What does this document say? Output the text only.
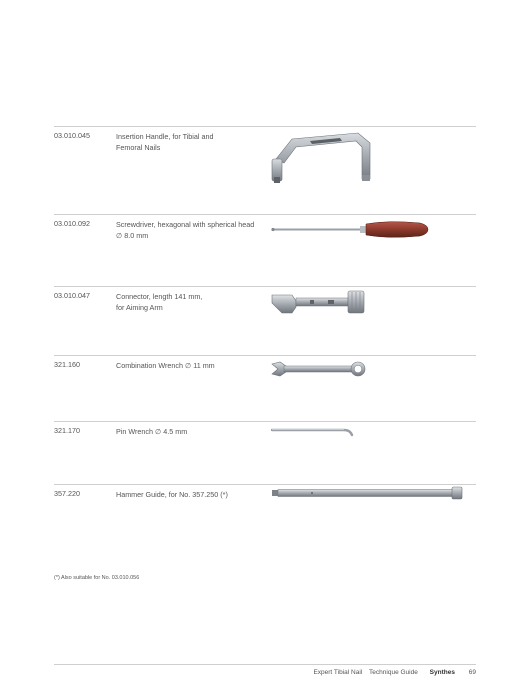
03.010.045	Insertion Handle, for Tibial and
Femoral Nails
03.010.092	Screwdriver, hexagonal with spherical head
∅ 8.0 mm
03.010.047	Connector, length 141 mm,
for Aiming Arm
321.160	Combination Wrench ∅ 11 mm
321.170	Pin Wrench ∅ 4.5 mm
357.220	Hammer Guide, for No. 357.250 (*)
(*) Also suitable for No. 03.010.056
Expert Tibial Nail Technique Guide Synthes 69
